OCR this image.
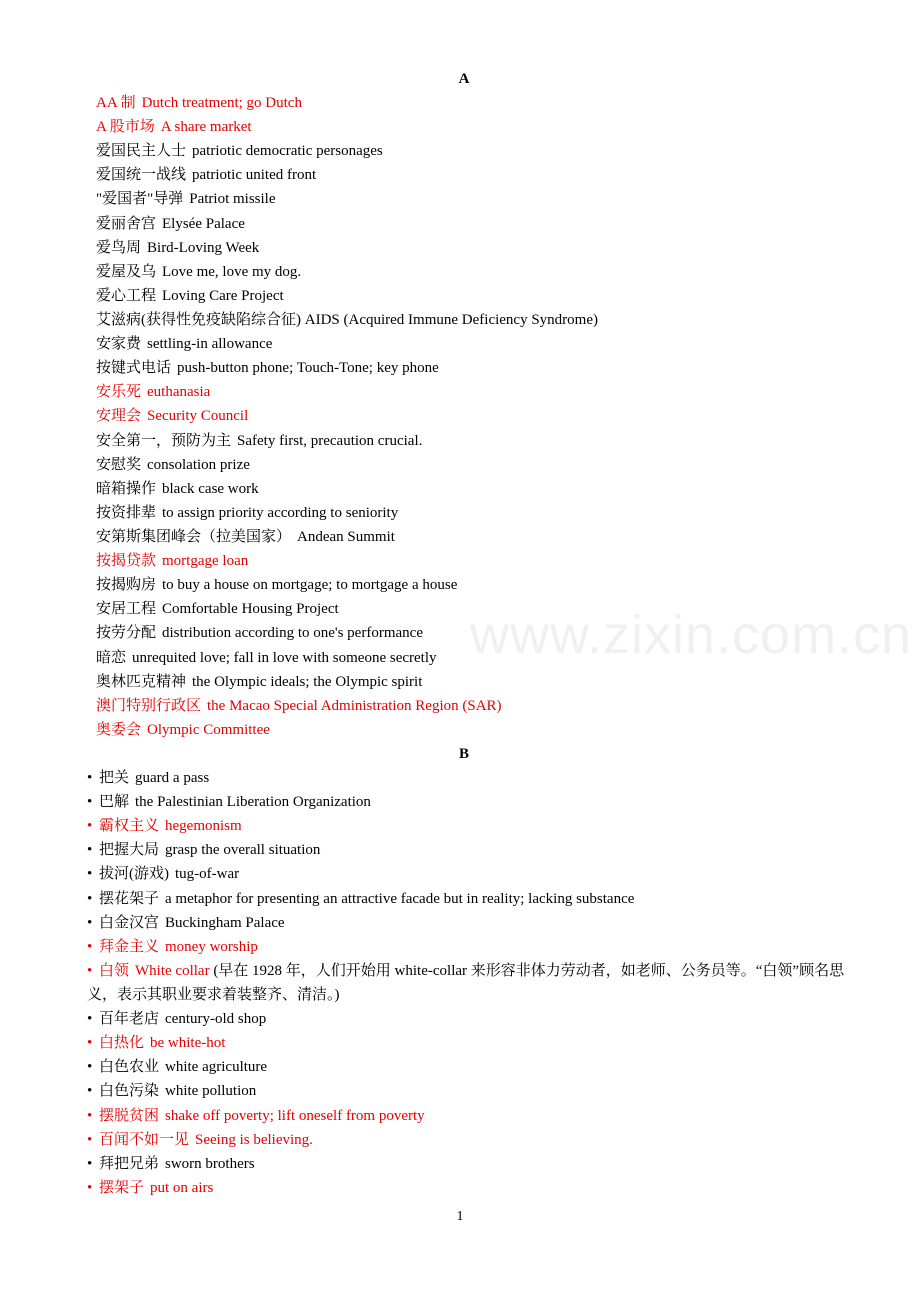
www.zixin.com.cn
A
AA 制 Dutch treatment; go Dutch
A 股市场 A share market
爱国民主人士 patriotic democratic personages
爱国统一战线 patriotic united front
"爱国者"导弹 Patriot missile
爱丽舍宫 Elysée Palace
爱鸟周 Bird-Loving Week
爱屋及乌 Love me, love my dog.
爱心工程 Loving Care Project
艾滋病(获得性免疫缺陷综合征) AIDS (Acquired Immune Deficiency Syndrome)
安家费 settling-in allowance
按键式电话 push-button phone; Touch-Tone; key phone
安乐死 euthanasia
安理会 Security Council
安全第一，预防为主 Safety first, precaution crucial.
安慰奖 consolation prize
暗箱操作 black case work
按资排辈 to assign priority according to seniority
安第斯集团峰会（拉美国家） Andean Summit
按揭贷款 mortgage loan
按揭购房 to buy a house on mortgage; to mortgage a house
安居工程 Comfortable Housing Project
按劳分配 distribution according to one's performance
暗恋 unrequited love; fall in love with someone secretly
奥林匹克精神 the Olympic ideals; the Olympic spirit
澳门特别行政区 the Macao Special Administration Region (SAR)
奥委会 Olympic Committee
B
• 把关 guard a pass
• 巴解 the Palestinian Liberation Organization
• 霸权主义 hegemonism
• 把握大局 grasp the overall situation
• 拔河(游戏) tug-of-war
• 摆花架子 a metaphor for presenting an attractive facade but in reality; lacking substance
• 白金汉宫 Buckingham Palace
• 拜金主义 money worship
• 白领 White collar (早在 1928 年，人们开始用 white-collar 来形容非体力劳动者，如老师、公务员等。“白领”顾名思义，表示其职业要求着装整齐、清洁。)
• 百年老店 century-old shop
• 白热化 be white-hot
• 白色农业 white agriculture
• 白色污染 white pollution
• 摆脱贫困 shake off poverty; lift oneself from poverty
• 百闻不如一见 Seeing is believing.
• 拜把兄弟 sworn brothers
• 摆架子 put on airs
1
